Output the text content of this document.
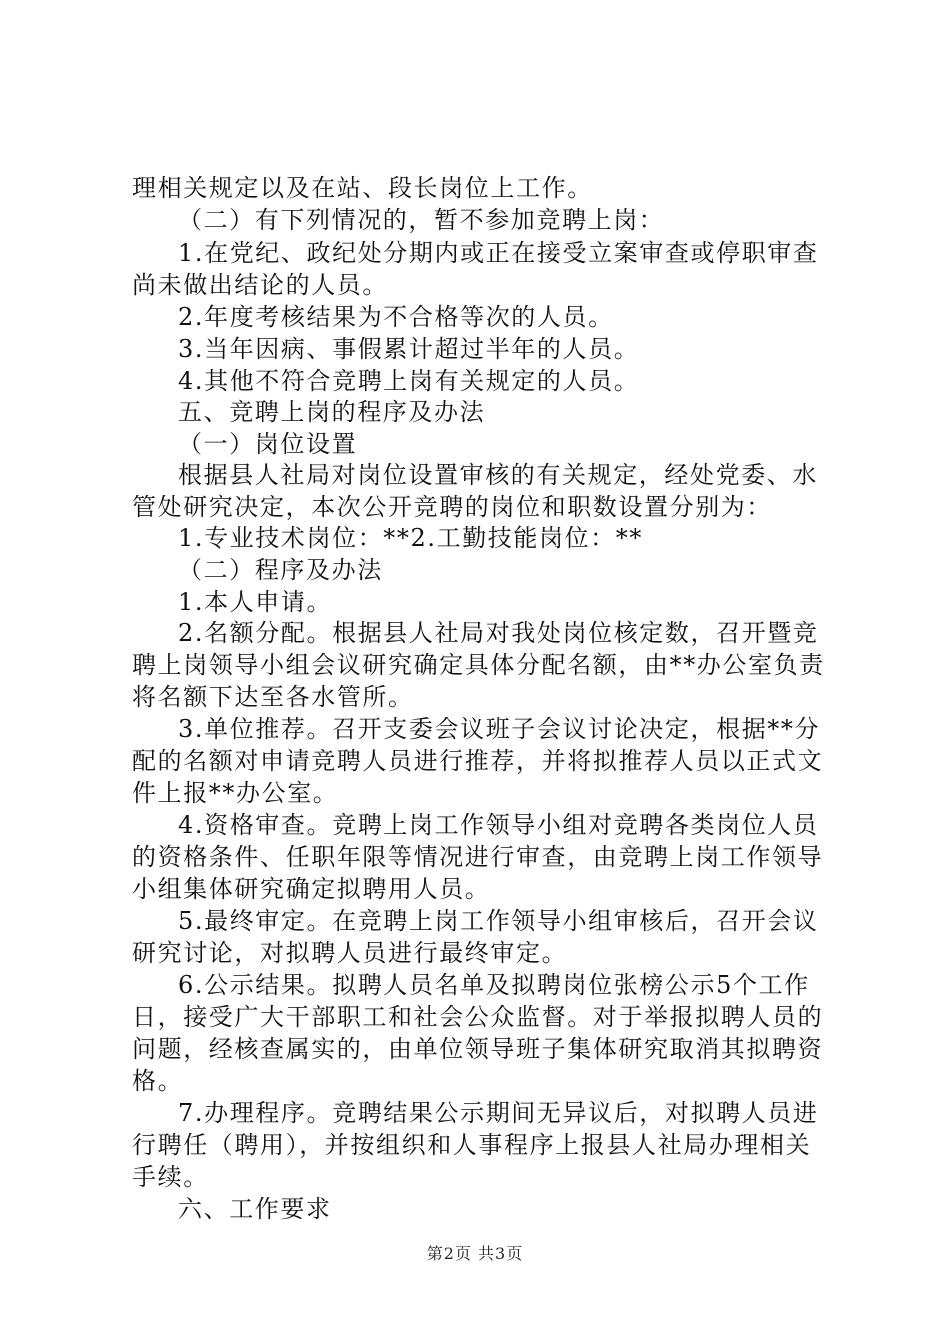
理相关规定以及在站、段长岗位上工作。
（二）有下列情况的，暂不参加竞聘上岗：
1.在党纪、政纪处分期内或正在接受立案审查或停职审查
尚未做出结论的人员。
2.年度考核结果为不合格等次的人员。
3.当年因病、事假累计超过半年的人员。
4.其他不符合竞聘上岗有关规定的人员。
五、竞聘上岗的程序及办法
（一）岗位设置
根据县人社局对岗位设置审核的有关规定，经处党委、水
管处研究决定，本次公开竞聘的岗位和职数设置分别为：
1.专业技术岗位：**2.工勤技能岗位：**
（二）程序及办法
1.本人申请。
2.名额分配。根据县人社局对我处岗位核定数，召开暨竞
聘上岗领导小组会议研究确定具体分配名额，由**办公室负责
将名额下达至各水管所。
3.单位推荐。召开支委会议班子会议讨论决定，根据**分
配的名额对申请竞聘人员进行推荐，并将拟推荐人员以正式文
件上报**办公室。
4.资格审查。竞聘上岗工作领导小组对竞聘各类岗位人员
的资格条件、任职年限等情况进行审查，由竞聘上岗工作领导
小组集体研究确定拟聘用人员。
5.最终审定。在竞聘上岗工作领导小组审核后，召开会议
研究讨论，对拟聘人员进行最终审定。
6.公示结果。拟聘人员名单及拟聘岗位张榜公示5个工作
日，接受广大干部职工和社会公众监督。对于举报拟聘人员的
问题，经核查属实的，由单位领导班子集体研究取消其拟聘资
格。
7.办理程序。竞聘结果公示期间无异议后，对拟聘人员进
行聘任（聘用），并按组织和人事程序上报县人社局办理相关
手续。
六、工作要求
第2页 共3页
